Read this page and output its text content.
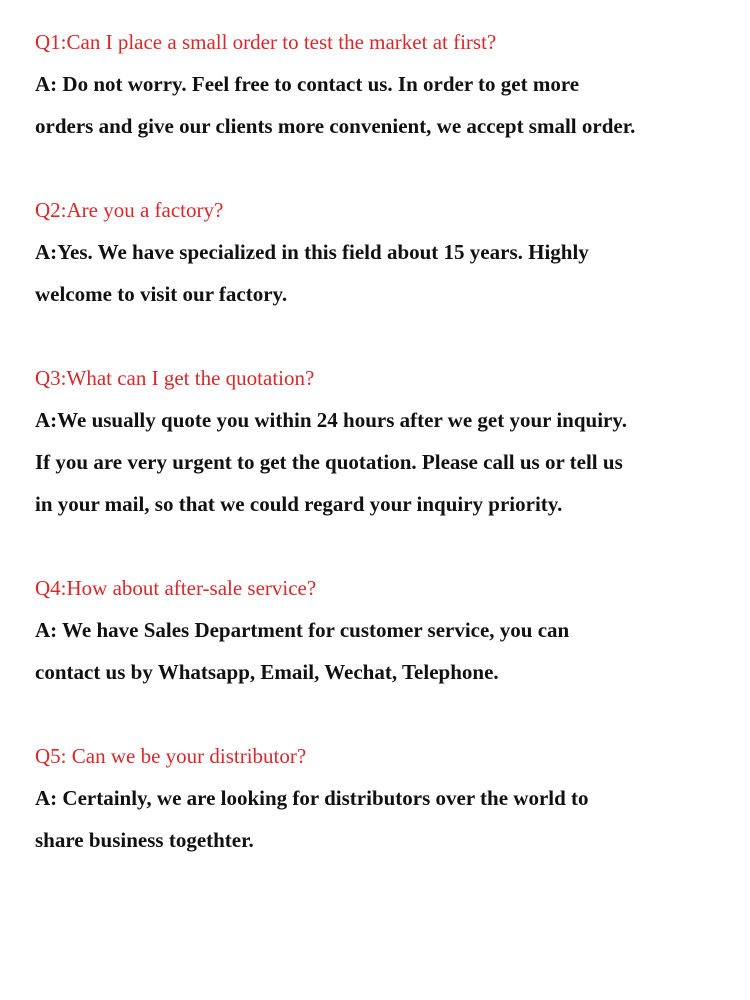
Q1:Can I place a small order to test the market at first?

A: Do not worry. Feel free to contact us. In order to get more

orders and give our clients more convenient, we accept small order.

Q2:Are you a factory?

A:Yes. We have specialized in this field about 15 years. Highly

welcome to visit our factory.

Q3:What can I get the quotation?

A:We usually quote you within 24 hours after we get your inquiry.

If you are very urgent to get the quotation. Please call us or tell us

in your mail, so that we could regard your inquiry priority.

Q4:How about after-sale service?

A: We have Sales Department for customer service, you can

contact us by Whatsapp, Email, Wechat, Telephone.

Q5: Can we be your distributor?

A: Certainly, we are looking for distributors over the world to

share business togethter.
